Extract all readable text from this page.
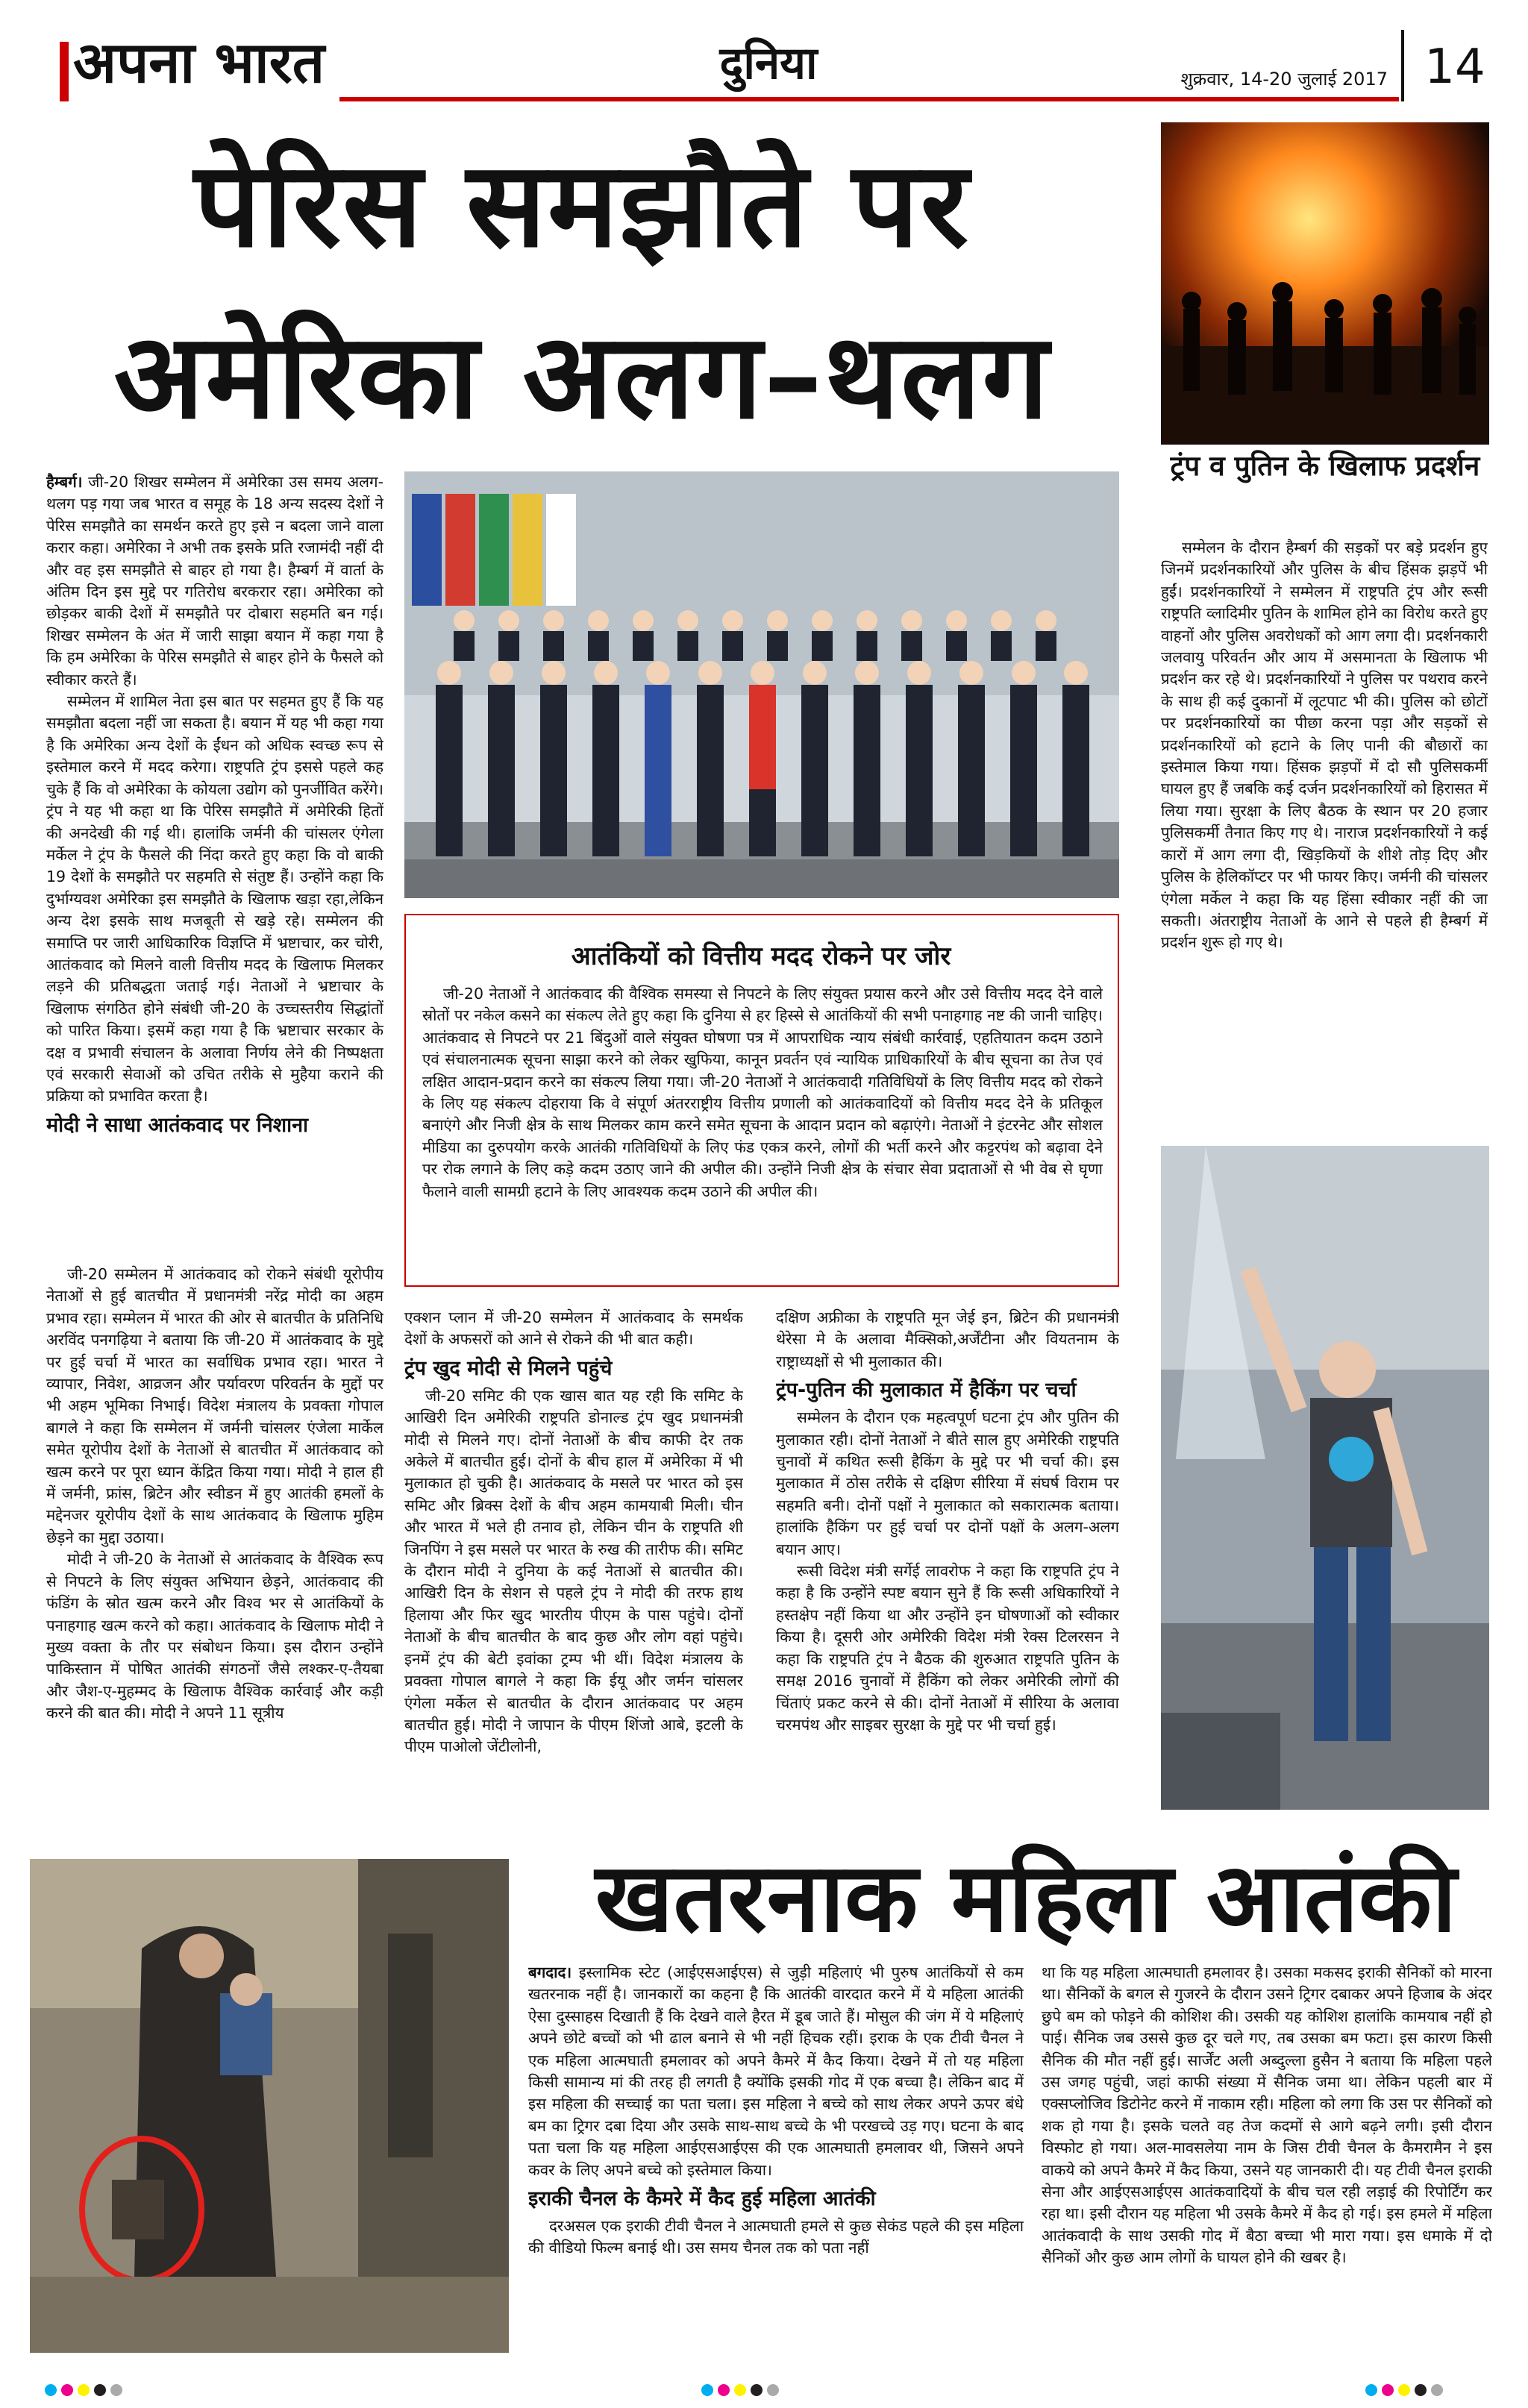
अपना भारत	दुनिया	शुक्रवार, 14-20 जुलाई 2017 14
पेरिस समझौते पर
अमेरिका अलग–थलग
ट्रंप व पुतिन के खिलाफ प्रदर्शन

हैम्बर्ग। जी-20 शिखर सम्मेलन में अमेरिका उस समय अलग-थलग पड़ गया जब भारत व समूह के 18 अन्य सदस्य देशों ने पेरिस समझौते का समर्थन करते हुए इसे न बदला जाने वाला करार कहा। अमेरिका ने अभी तक इसके प्रति रजामंदी नहीं दी और वह इस समझौते से बाहर हो गया है। हैम्बर्ग में वार्ता के अंतिम दिन इस मुद्दे पर गतिरोध बरकरार रहा। अमेरिका को छोड़कर बाकी देशों में समझौते पर दोबारा सहमति बन गई। शिखर सम्मेलन के अंत में जारी साझा बयान में कहा गया है कि हम अमेरिका के पेरिस समझौते से बाहर होने के फैसले को स्वीकार करते हैं।

सम्मेलन में शामिल नेता इस बात पर सहमत हुए हैं कि यह समझौता बदला नहीं जा सकता है। बयान में यह भी कहा गया है कि अमेरिका अन्य देशों के ईंधन को अधिक स्वच्छ रूप से इस्तेमाल करने में मदद करेगा। राष्ट्रपति ट्रंप इससे पहले कह चुके हैं कि वो अमेरिका के कोयला उद्योग को पुनर्जीवित करेंगे। ट्रंप ने यह भी कहा था कि पेरिस समझौते में अमेरिकी हितों की अनदेखी की गई थी। हालांकि जर्मनी की चांसलर एंगेला मर्केल ने ट्रंप के फैसले की निंदा करते हुए कहा कि वो बाकी 19 देशों के समझौते पर सहमति से संतुष्ट हैं। उन्होंने कहा कि दुर्भाग्यवश अमेरिका इस समझौते के खिलाफ खड़ा रहा,लेकिन अन्य देश इसके साथ मजबूती से खड़े रहे। सम्मेलन की समाप्ति पर जारी आधिकारिक विज्ञप्ति में भ्रष्टाचार, कर चोरी, आतंकवाद को मिलने वाली वित्तीय मदद के खिलाफ मिलकर लड़ने की प्रतिबद्धता जताई गई। नेताओं ने भ्रष्टाचार के खिलाफ संगठित होने संबंधी जी-20 के उच्चस्तरीय सिद्धांतों को पारित किया। इसमें कहा गया है कि भ्रष्टाचार सरकार के दक्ष व प्रभावी संचालन के अलावा निर्णय लेने की निष्पक्षता एवं सरकारी सेवाओं को उचित तरीके से मुहैया कराने की प्रक्रिया को प्रभावित करता है।

मोदी ने साधा आतंकवाद पर निशाना
आतंकियों को वित्तीय मदद रोकने पर जोर

जी-20 नेताओं ने आतंकवाद की वैश्विक समस्या से निपटने के लिए संयुक्त प्रयास करने और उसे वित्तीय मदद देने वाले स्रोतों पर नकेल कसने का संकल्प लेते हुए कहा कि दुनिया से हर हिस्से से आतंकियों की सभी पनाहगाह नष्ट की जानी चाहिए। आतंकवाद से निपटने पर 21 बिंदुओं वाले संयुक्त घोषणा पत्र में आपराधिक न्याय संबंधी कार्रवाई, एहतियातन कदम उठाने एवं संचालनात्मक सूचना साझा करने को लेकर खुफिया, कानून प्रवर्तन एवं न्यायिक प्राधिकारियों के बीच सूचना का तेज एवं लक्षित आदान-प्रदान करने का संकल्प लिया गया। जी-20 नेताओं ने आतंकवादी गतिविधियों के लिए वित्तीय मदद को रोकने के लिए यह संकल्प दोहराया कि वे संपूर्ण अंतरराष्ट्रीय वित्तीय प्रणाली को आतंकवादियों को वित्तीय मदद देने के प्रतिकूल बनाएंगे और निजी क्षेत्र के साथ मिलकर काम करने समेत सूचना के आदान प्रदान को बढ़ाएंगे। नेताओं ने इंटरनेट और सोशल मीडिया का दुरुपयोग करके आतंकी गतिविधियों के लिए फंड एकत्र करने, लोगों की भर्ती करने और कट्टरपंथ को बढ़ावा देने पर रोक लगाने के लिए कड़े कदम उठाए जाने की अपील की। उन्होंने निजी क्षेत्र के संचार सेवा प्रदाताओं से भी वेब से घृणा फैलाने वाली सामग्री हटाने के लिए आवश्यक कदम उठाने की अपील की।

जी-20 सम्मेलन में आतंकवाद को रोकने संबंधी यूरोपीय नेताओं से हुई बातचीत में प्रधानमंत्री नरेंद्र मोदी का अहम प्रभाव रहा। सम्मेलन में भारत की ओर से बातचीत के प्रतिनिधि अरविंद पनगढ़िया ने बताया कि जी-20 में आतंकवाद के मुद्दे पर हुई चर्चा में भारत का सर्वाधिक प्रभाव रहा। भारत ने व्यापार, निवेश, आव्रजन और पर्यावरण परिवर्तन के मुद्दों पर भी अहम भूमिका निभाई। विदेश मंत्रालय के प्रवक्ता गोपाल बागले ने कहा कि सम्मेलन में जर्मनी चांसलर एंजेला मार्केल समेत यूरोपीय देशों के नेताओं से बातचीत में आतंकवाद को खत्म करने पर पूरा ध्यान केंद्रित किया गया। मोदी ने हाल ही में जर्मनी, फ्रांस, ब्रिटेन और स्वीडन में हुए आतंकी हमलों के मद्देनजर यूरोपीय देशों के साथ आतंकवाद के खिलाफ मुहिम छेड़ने का मुद्दा उठाया।

मोदी ने जी-20 के नेताओं से आतंकवाद के वैश्विक रूप से निपटने के लिए संयुक्त अभियान छेड़ने, आतंकवाद की फंडिंग के स्रोत खत्म करने और विश्व भर से आतंकियों के पनाहगाह खत्म करने को कहा। आतंकवाद के खिलाफ मोदी ने मुख्य वक्ता के तौर पर संबोधन किया। इस दौरान उन्होंने पाकिस्तान में पोषित आतंकी संगठनों जैसे लश्कर-ए-तैयबा और जैश-ए-मुहम्मद के खिलाफ वैश्विक कार्रवाई और कड़ी करने की बात की। मोदी ने अपने 11 सूत्रीय

एक्शन प्लान में जी-20 सम्मेलन में आतंकवाद के समर्थक देशों के अफसरों को आने से रोकने की भी बात कही।

ट्रंप खुद मोदी से मिलने पहुंचे

जी-20 समिट की एक खास बात यह रही कि समिट के आखिरी दिन अमेरिकी राष्ट्रपति डोनाल्ड ट्रंप खुद प्रधानमंत्री मोदी से मिलने गए। दोनों नेताओं के बीच काफी देर तक अकेले में बातचीत हुई। दोनों के बीच हाल में अमेरिका में भी मुलाकात हो चुकी है। आतंकवाद के मसले पर भारत को इस समिट और ब्रिक्स देशों के बीच अहम कामयाबी मिली। चीन और भारत में भले ही तनाव हो, लेकिन चीन के राष्ट्रपति शी जिनपिंग ने इस मसले पर भारत के रुख की तारीफ की। समिट के दौरान मोदी ने दुनिया के कई नेताओं से बातचीत की। आखिरी दिन के सेशन से पहले ट्रंप ने मोदी की तरफ हाथ हिलाया और फिर खुद भारतीय पीएम के पास पहुंचे। दोनों नेताओं के बीच बातचीत के बाद कुछ और लोग वहां पहुंचे। इनमें ट्रंप की बेटी इवांका ट्रम्प भी थीं। विदेश मंत्रालय के प्रवक्ता गोपाल बागले ने कहा कि ईयू और जर्मन चांसलर एंगेला मर्केल से बातचीत के दौरान आतंकवाद पर अहम बातचीत हुई। मोदी ने जापान के पीएम शिंजो आबे, इटली के पीएम पाओलो जेंटीलोनी,

दक्षिण अफ्रीका के राष्ट्रपति मून जेई इन, ब्रिटेन की प्रधानमंत्री थेरेसा मे के अलावा मैक्सिको,अर्जेंटीना और वियतनाम के राष्ट्राध्यक्षों से भी मुलाकात की।

ट्रंप-पुतिन की मुलाकात में हैकिंग पर चर्चा

सम्मेलन के दौरान एक महत्वपूर्ण घटना ट्रंप और पुतिन की मुलाकात रही। दोनों नेताओं ने बीते साल हुए अमेरिकी राष्ट्रपति चुनावों में कथित रूसी हैकिंग के मुद्दे पर भी चर्चा की। इस मुलाकात में ठोस तरीके से दक्षिण सीरिया में संघर्ष विराम पर सहमति बनी। दोनों पक्षों ने मुलाकात को सकारात्मक बताया। हालांकि हैकिंग पर हुई चर्चा पर दोनों पक्षों के अलग-अलग बयान आए।

रूसी विदेश मंत्री सर्गेई लावरोफ ने कहा कि राष्ट्रपति ट्रंप ने कहा है कि उन्होंने स्पष्ट बयान सुने हैं कि रूसी अधिकारियों ने हस्तक्षेप नहीं किया था और उन्होंने इन घोषणाओं को स्वीकार किया है। दूसरी ओर अमेरिकी विदेश मंत्री रेक्स टिलरसन ने कहा कि राष्ट्रपति ट्रंप ने बैठक की शुरुआत राष्ट्रपति पुतिन के समक्ष 2016 चुनावों में हैकिंग को लेकर अमेरिकी लोगों की चिंताएं प्रकट करने से की। दोनों नेताओं में सीरिया के अलावा चरमपंथ और साइबर सुरक्षा के मुद्दे पर भी चर्चा हुई।

सम्मेलन के दौरान हैम्बर्ग की सड़कों पर बड़े प्रदर्शन हुए जिनमें प्रदर्शनकारियों और पुलिस के बीच हिंसक झड़पें भी हुईं। प्रदर्शनकारियों ने सम्मेलन में राष्ट्रपति ट्रंप और रूसी राष्ट्रपति व्लादिमीर पुतिन के शामिल होने का विरोध करते हुए वाहनों और पुलिस अवरोधकों को आग लगा दी। प्रदर्शनकारी जलवायु परिवर्तन और आय में असमानता के खिलाफ भी प्रदर्शन कर रहे थे। प्रदर्शनकारियों ने पुलिस पर पथराव करने के साथ ही कई दुकानों में लूटपाट भी की। पुलिस को छोटों पर प्रदर्शनकारियों का पीछा करना पड़ा और सड़कों से प्रदर्शनकारियों को हटाने के लिए पानी की बौछारों का इस्तेमाल किया गया। हिंसक झड़पों में दो सौ पुलिसकर्मी घायल हुए हैं जबकि कई दर्जन प्रदर्शनकारियों को हिरासत में लिया गया। सुरक्षा के लिए बैठक के स्थान पर 20 हजार पुलिसकर्मी तैनात किए गए थे। नाराज प्रदर्शनकारियों ने कई कारों में आग लगा दी, खिड़कियों के शीशे तोड़ दिए और पुलिस के हेलिकॉप्टर पर भी फायर किए। जर्मनी की चांसलर एंगेला मर्केल ने कहा कि यह हिंसा स्वीकार नहीं की जा सकती। अंतराष्ट्रीय नेताओं के आने से पहले ही हैम्बर्ग में प्रदर्शन शुरू हो गए थे।

खतरनाक महिला आतंकी

बगदाद। इस्लामिक स्टेट (आईएसआईएस) से जुड़ी महिलाएं भी पुरुष आतंकियों से कम खतरनाक नहीं है। जानकारों का कहना है कि आतंकी वारदात करने में ये महिला आतंकी ऐसा दुस्साहस दिखाती हैं कि देखने वाले हैरत में डूब जाते हैं। मोसुल की जंग में ये महिलाएं अपने छोटे बच्चों को भी ढाल बनाने से भी नहीं हिचक रहीं। इराक के एक टीवी चैनल ने एक महिला आत्मघाती हमलावर को अपने कैमरे में कैद किया। देखने में तो यह महिला किसी सामान्य मां की तरह ही लगती है क्योंकि इसकी गोद में एक बच्चा है। लेकिन बाद में इस महिला की सच्चाई का पता चला। इस महिला ने बच्चे को साथ लेकर अपने ऊपर बंधे बम का ट्रिगर दबा दिया और उसके साथ-साथ बच्चे के भी परखच्चे उड़ गए। घटना के बाद पता चला कि यह महिला आईएसआईएस की एक आत्मघाती हमलावर थी, जिसने अपने कवर के लिए अपने बच्चे को इस्तेमाल किया।

इराकी चैनल के कैमरे में कैद हुई महिला आतंकी

दरअसल एक इराकी टीवी चैनल ने आत्मघाती हमले से कुछ सेकंड पहले की इस महिला की वीडियो फिल्म बनाई थी। उस समय चैनल तक को पता नहीं

था कि यह महिला आत्मघाती हमलावर है। उसका मकसद इराकी सैनिकों को मारना था। सैनिकों के बगल से गुजरने के दौरान उसने ट्रिगर दबाकर अपने हिजाब के अंदर छुपे बम को फोड़ने की कोशिश की। उसकी यह कोशिश हालांकि कामयाब नहीं हो पाई। सैनिक जब उससे कुछ दूर चले गए, तब उसका बम फटा। इस कारण किसी सैनिक की मौत नहीं हुई। सार्जेंट अली अब्दुल्ला हुसैन ने बताया कि महिला पहले उस जगह पहुंची, जहां काफी संख्या में सैनिक जमा था। लेकिन पहली बार में एक्सप्लोजिव डिटोनेट करने में नाकाम रही। महिला को लगा कि उस पर सैनिकों को शक हो गया है। इसके चलते वह तेज कदमों से आगे बढ़ने लगी। इसी दौरान विस्फोट हो गया। अल-मावसलेया नाम के जिस टीवी चैनल के कैमरामैन ने इस वाकये को अपने कैमरे में कैद किया, उसने यह जानकारी दी। यह टीवी चैनल इराकी सेना और आईएसआईएस आतंकवादियों के बीच चल रही लड़ाई की रिपोर्टिंग कर रहा था। इसी दौरान यह महिला भी उसके कैमरे में कैद हो गई। इस हमले में महिला आतंकवादी के साथ उसकी गोद में बैठा बच्चा भी मारा गया। इस धमाके में दो सैनिकों और कुछ आम लोगों के घायल होने की खबर है।
